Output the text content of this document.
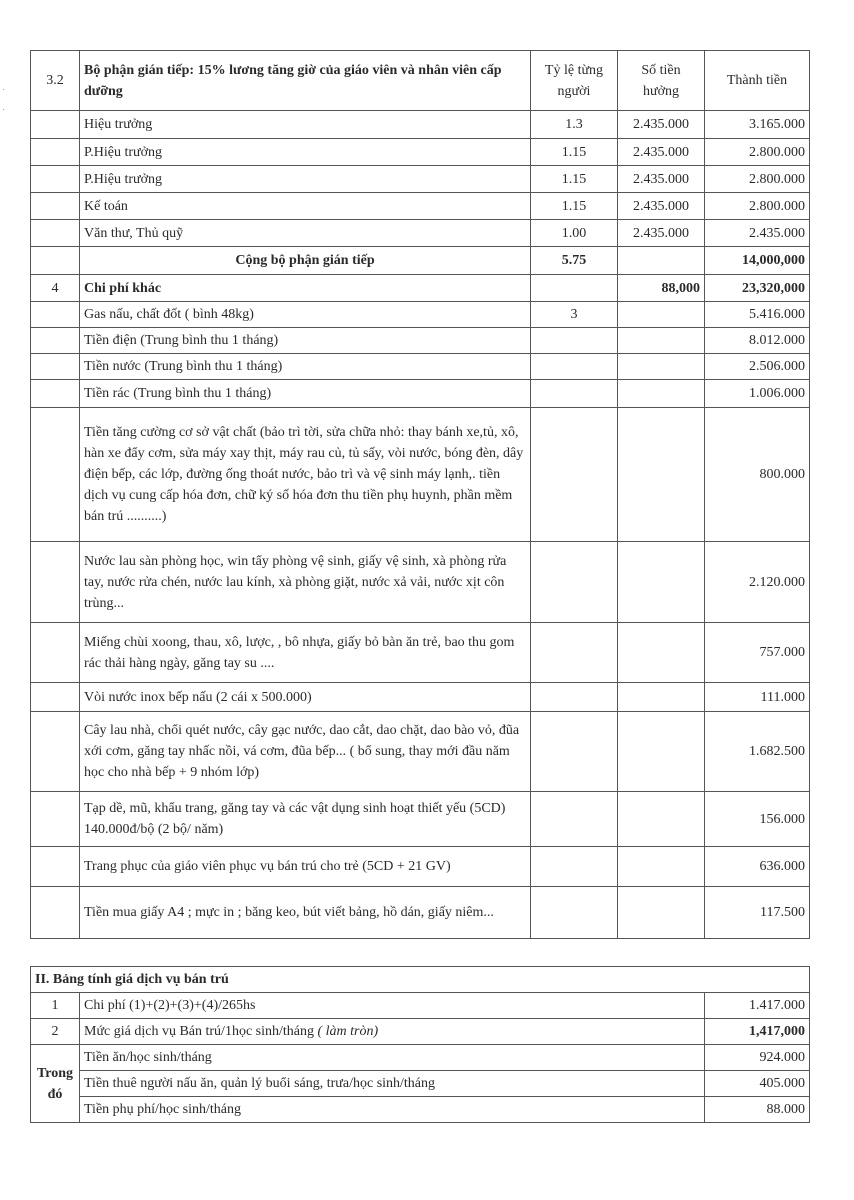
·

·
3.2	Bộ phận gián tiếp: 15% lương tăng giờ của giáo viên và nhân viên cấp dưỡng	Tỷ lệ từng người	Số tiền hưởng	Thành tiền
	Hiệu trưởng	1.3	2.435.000	3.165.000
	P.Hiệu trưởng	1.15	2.435.000	2.800.000
	P.Hiệu trưởng	1.15	2.435.000	2.800.000
	Kế toán	1.15	2.435.000	2.800.000
	Văn thư, Thủ quỹ	1.00	2.435.000	2.435.000
	Cộng bộ phận gián tiếp	5.75		14,000,000
4	Chi phí khác		88,000	23,320,000
	Gas nấu, chất đốt ( bình 48kg)	3		5.416.000
	Tiền điện (Trung bình thu 1 tháng)			8.012.000
	Tiền nước (Trung bình thu 1 tháng)			2.506.000
	Tiền rác (Trung bình thu 1 tháng)			1.006.000
	Tiền tăng cường cơ sở vật chất (bảo trì tời, sửa chữa nhỏ: thay bánh xe,tủ, xô, hàn xe đẩy cơm, sửa máy xay thịt, máy rau củ, tủ sấy, vòi nước, bóng đèn, dây điện bếp, các lớp, đường ống thoát nước, bảo trì và vệ sinh máy lạnh,. tiền dịch vụ cung cấp hóa đơn, chữ ký số hóa đơn thu tiền phụ huynh, phần mềm bán trú ..........)			800.000
	Nước lau sàn phòng học, win tẩy phòng vệ sinh, giấy vệ sinh, xà phòng rửa tay, nước rửa chén, nước lau kính, xà phòng giặt, nước xả vải, nước xịt côn trùng...			2.120.000
	Miếng chùi xoong, thau, xô, lược, , bô nhựa, giấy bỏ bàn ăn trẻ, bao thu gom rác thải hàng ngày, găng tay su ....			757.000
	Vòi nước inox bếp nấu (2 cái x 500.000)			111.000
	Cây lau nhà, chổi quét nước, cây gạc nước, dao cắt, dao chặt, dao bào vỏ, đũa xới cơm, găng tay nhấc nồi, vá cơm, đũa bếp... ( bổ sung, thay mới đầu năm học cho nhà bếp + 9 nhóm lớp)			1.682.500
	Tạp dề, mũ, khẩu trang, găng tay và các vật dụng sinh hoạt thiết yếu (5CD) 140.000đ/bộ (2 bộ/ năm)			156.000
	Trang phục của giáo viên phục vụ bán trú cho trẻ (5CD + 21 GV)			636.000
	Tiền mua giấy A4 ; mực in ; băng keo, bút viết bảng, hồ dán, giấy niêm...			117.500
II. Bảng tính giá dịch vụ bán trú		
1	Chi phí (1)+(2)+(3)+(4)/265hs	1.417.000
2	Mức giá dịch vụ Bán trú/1học sinh/tháng ( làm tròn)	1,417,000
Trong đó	Tiền ăn/học sinh/tháng	924.000
	Tiền thuê người nấu ăn, quản lý buổi sáng, trưa/học sinh/tháng	405.000
	Tiền phụ phí/học sinh/tháng	88.000
